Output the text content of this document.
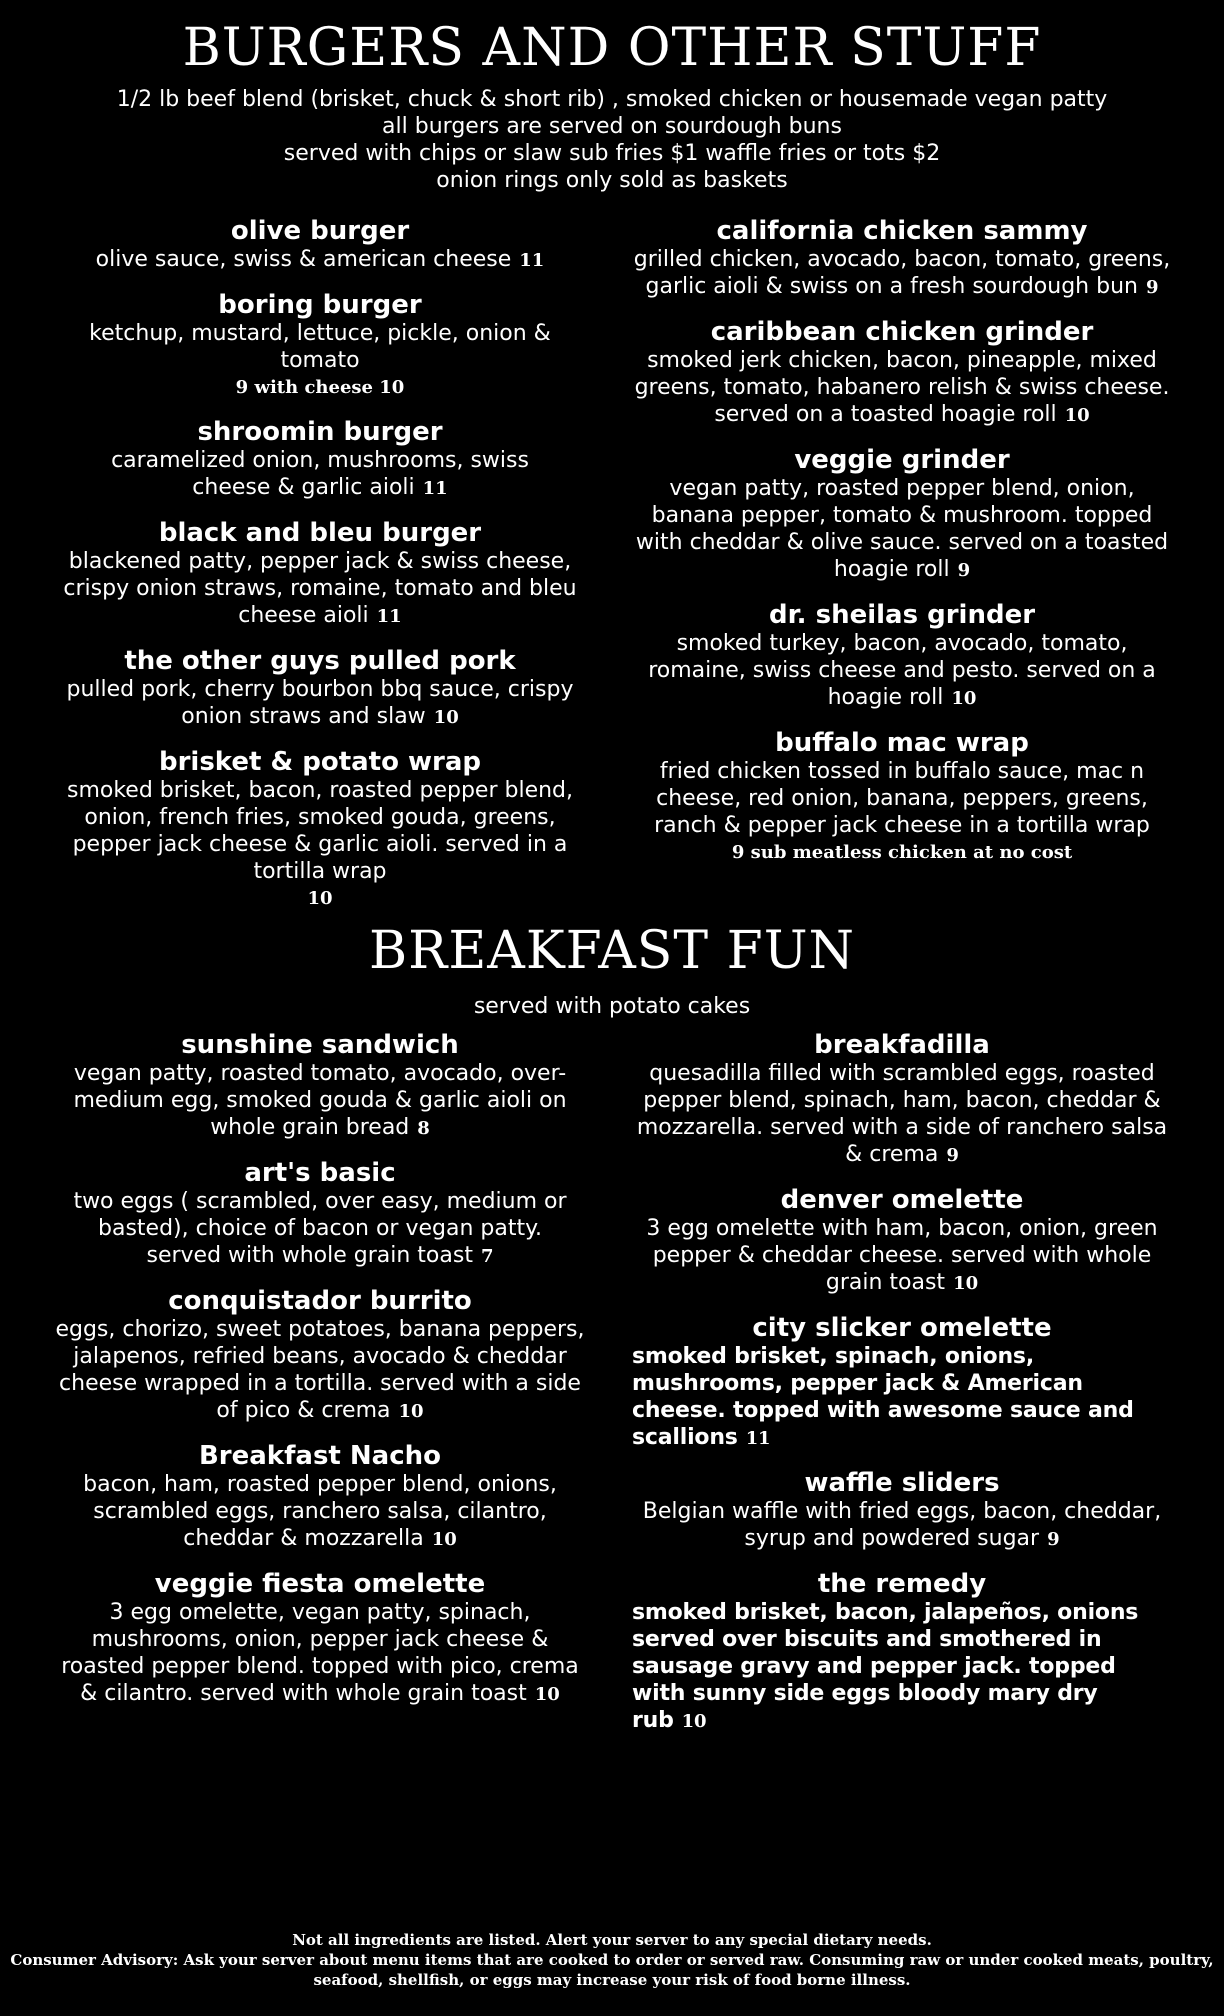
BURGERS AND OTHER STUFF
1/2 lb beef blend (brisket, chuck & short rib) , smoked chicken or housemade vegan patty
all burgers are served on sourdough buns
served with chips or slaw sub fries $1 waffle fries or tots $2
onion rings only sold as baskets
olive burger
olive sauce, swiss & american cheese 11
boring burger
ketchup, mustard, lettuce, pickle, onion & tomato
9 with cheese 10
shroomin burger
caramelized onion, mushrooms, swiss cheese & garlic aioli 11
black and bleu burger
blackened patty, pepper jack & swiss cheese, crispy onion straws, romaine, tomato and bleu cheese aioli 11
the other guys pulled pork
pulled pork, cherry bourbon bbq sauce, crispy onion straws and slaw 10
brisket & potato wrap
smoked brisket, bacon, roasted pepper blend, onion, french fries, smoked gouda, greens, pepper jack cheese & garlic aioli. served in a tortilla wrap
10
california chicken sammy
grilled chicken, avocado, bacon, tomato, greens, garlic aioli & swiss on a fresh sourdough bun 9
caribbean chicken grinder
smoked jerk chicken, bacon, pineapple, mixed greens, tomato, habanero relish & swiss cheese. served on a toasted hoagie roll 10
veggie grinder
vegan patty, roasted pepper blend, onion, banana pepper, tomato & mushroom. topped with cheddar & olive sauce. served on a toasted hoagie roll 9
dr. sheilas grinder
smoked turkey, bacon, avocado, tomato, romaine, swiss cheese and pesto. served on a hoagie roll 10
buffalo mac wrap
fried chicken tossed in buffalo sauce, mac n cheese, red onion, banana, peppers, greens, ranch & pepper jack cheese in a tortilla wrap
9 sub meatless chicken at no cost
BREAKFAST FUN
served with potato cakes
sunshine sandwich
vegan patty, roasted tomato, avocado, over-medium egg, smoked gouda & garlic aioli on whole grain bread 8
art's basic
two eggs ( scrambled, over easy, medium or basted), choice of bacon or vegan patty. served with whole grain toast 7
conquistador burrito
eggs, chorizo, sweet potatoes, banana peppers, jalapenos, refried beans, avocado & cheddar cheese wrapped in a tortilla. served with a side of pico & crema 10
Breakfast Nacho
bacon, ham, roasted pepper blend, onions, scrambled eggs, ranchero salsa, cilantro, cheddar & mozzarella 10
veggie fiesta omelette
3 egg omelette, vegan patty, spinach, mushrooms, onion, pepper jack cheese & roasted pepper blend. topped with pico, crema & cilantro. served with whole grain toast 10
breakfadilla
quesadilla filled with scrambled eggs, roasted pepper blend, spinach, ham, bacon, cheddar & mozzarella. served with a side of ranchero salsa & crema 9
denver omelette
3 egg omelette with ham, bacon, onion, green pepper & cheddar cheese. served with whole grain toast 10
city slicker omelette
smoked brisket, spinach, onions, mushrooms, pepper jack & American cheese. topped with awesome sauce and scallions 11
waffle sliders
Belgian waffle with fried eggs, bacon, cheddar, syrup and powdered sugar 9
the remedy
smoked brisket, bacon, jalapeños, onions served over biscuits and smothered in sausage gravy and pepper jack. topped with sunny side eggs bloody mary dry rub 10
Not all ingredients are listed. Alert your server to any special dietary needs.
Consumer Advisory: Ask your server about menu items that are cooked to order or served raw. Consuming raw or under cooked meats, poultry,
seafood, shellfish, or eggs may increase your risk of food borne illness.
